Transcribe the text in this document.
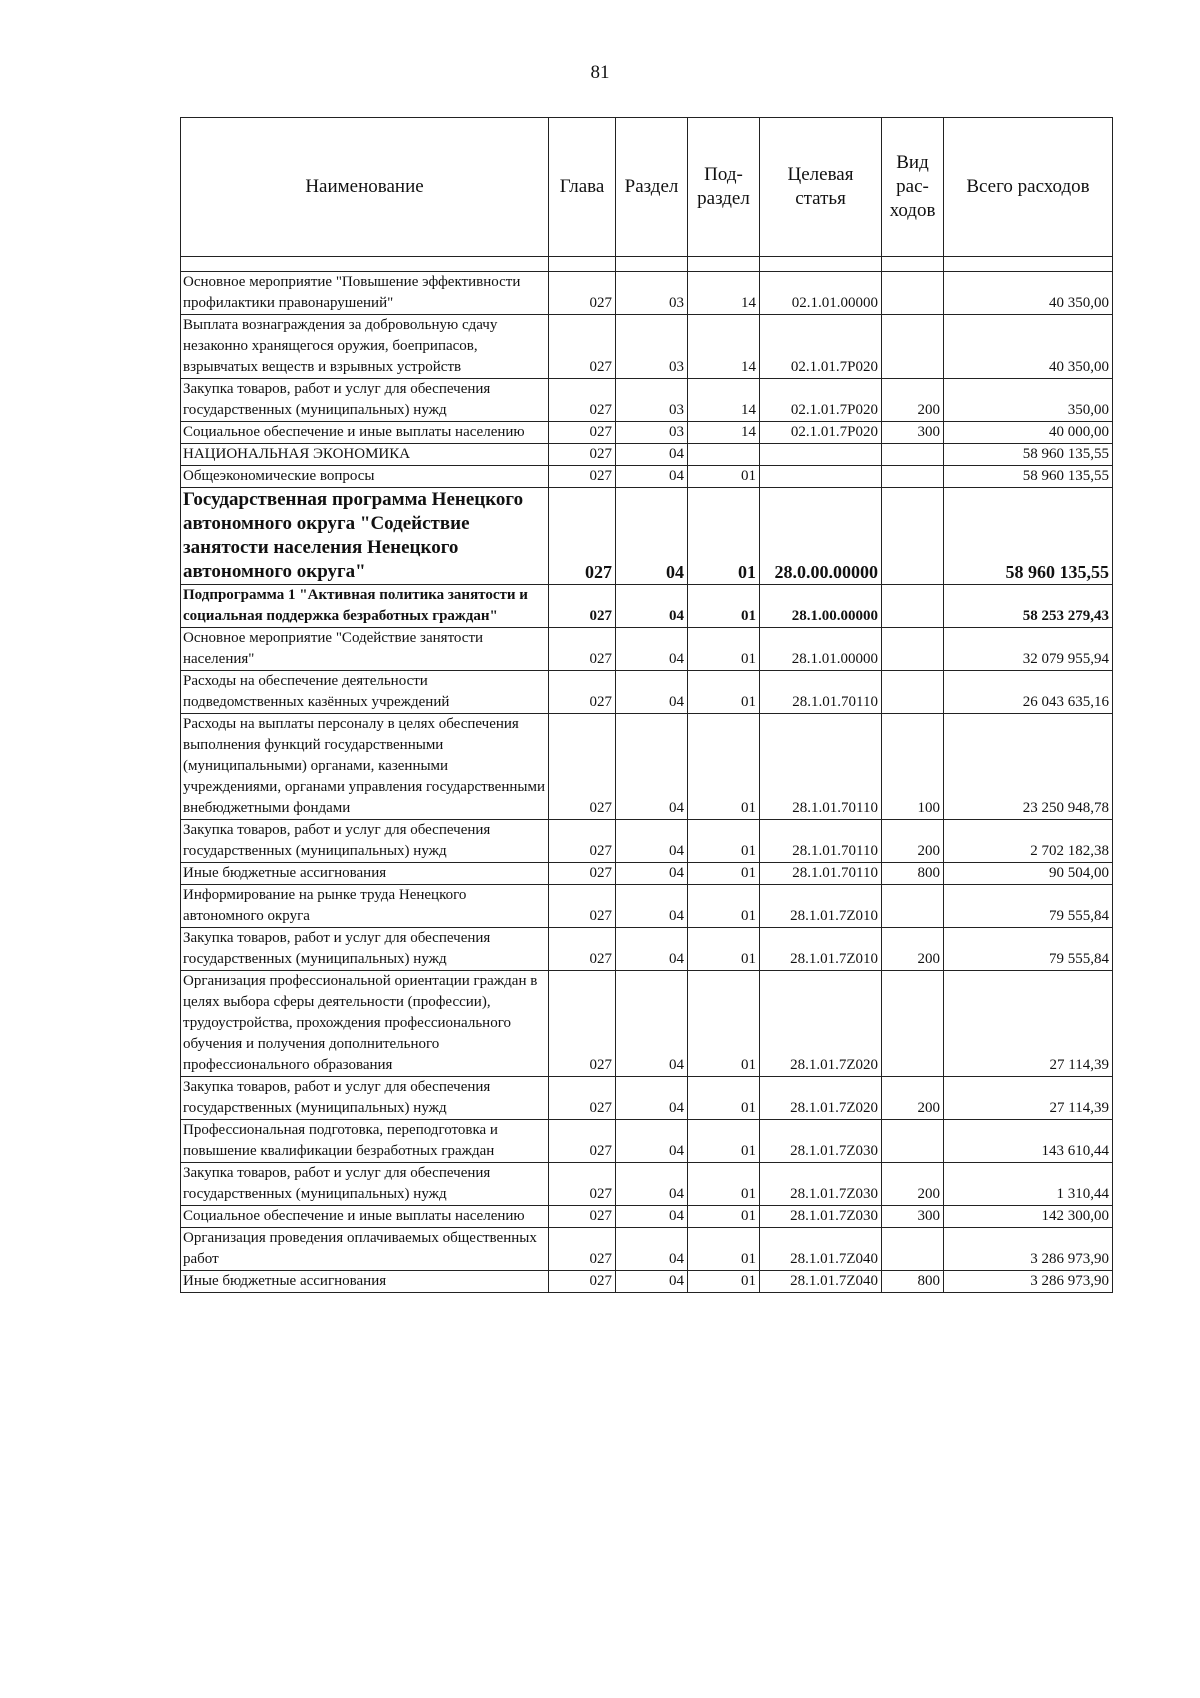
81
Наименование	Глава	Раздел	Под-раздел	Целевая статья	Вид рас-ходов	Всего расходов

Основное мероприятие "Повышение эффективности профилактики правонарушений"	027	03	14	02.1.01.00000		40 350,00
Выплата вознаграждения за добровольную сдачу незаконно хранящегося оружия, боеприпасов, взрывчатых веществ и взрывных устройств	027	03	14	02.1.01.7Р020		40 350,00
Закупка товаров, работ и услуг для обеспечения государственных (муниципальных) нужд	027	03	14	02.1.01.7Р020	200	350,00
Социальное обеспечение и иные выплаты населению	027	03	14	02.1.01.7Р020	300	40 000,00
НАЦИОНАЛЬНАЯ ЭКОНОМИКА	027	04				58 960 135,55
Общеэкономические вопросы	027	04	01			58 960 135,55
Государственная программа Ненецкого автономного округа "Содействие занятости населения Ненецкого автономного округа"	027	04	01	28.0.00.00000		58 960 135,55
Подпрограмма 1 "Активная политика занятости и социальная поддержка безработных граждан"	027	04	01	28.1.00.00000		58 253 279,43
Основное мероприятие "Содействие занятости населения"	027	04	01	28.1.01.00000		32 079 955,94
Расходы на обеспечение деятельности подведомственных казённых учреждений	027	04	01	28.1.01.70110		26 043 635,16
Расходы на выплаты персоналу в целях обеспечения выполнения функций государственными (муниципальными) органами, казенными учреждениями, органами управления государственными внебюджетными фондами	027	04	01	28.1.01.70110	100	23 250 948,78
Закупка товаров, работ и услуг для обеспечения государственных (муниципальных) нужд	027	04	01	28.1.01.70110	200	2 702 182,38
Иные бюджетные ассигнования	027	04	01	28.1.01.70110	800	90 504,00
Информирование на рынке труда Ненецкого автономного округа	027	04	01	28.1.01.7Z010		79 555,84
Закупка товаров, работ и услуг для обеспечения государственных (муниципальных) нужд	027	04	01	28.1.01.7Z010	200	79 555,84
Организация профессиональной ориентации граждан в целях выбора сферы деятельности (профессии), трудоустройства, прохождения профессионального обучения и получения дополнительного профессионального образования	027	04	01	28.1.01.7Z020		27 114,39
Закупка товаров, работ и услуг для обеспечения государственных (муниципальных) нужд	027	04	01	28.1.01.7Z020	200	27 114,39
Профессиональная подготовка, переподготовка и повышение квалификации безработных граждан	027	04	01	28.1.01.7Z030		143 610,44
Закупка товаров, работ и услуг для обеспечения государственных (муниципальных) нужд	027	04	01	28.1.01.7Z030	200	1 310,44
Социальное обеспечение и иные выплаты населению	027	04	01	28.1.01.7Z030	300	142 300,00
Организация проведения оплачиваемых общественных работ	027	04	01	28.1.01.7Z040		3 286 973,90
Иные бюджетные ассигнования	027	04	01	28.1.01.7Z040	800	3 286 973,90
